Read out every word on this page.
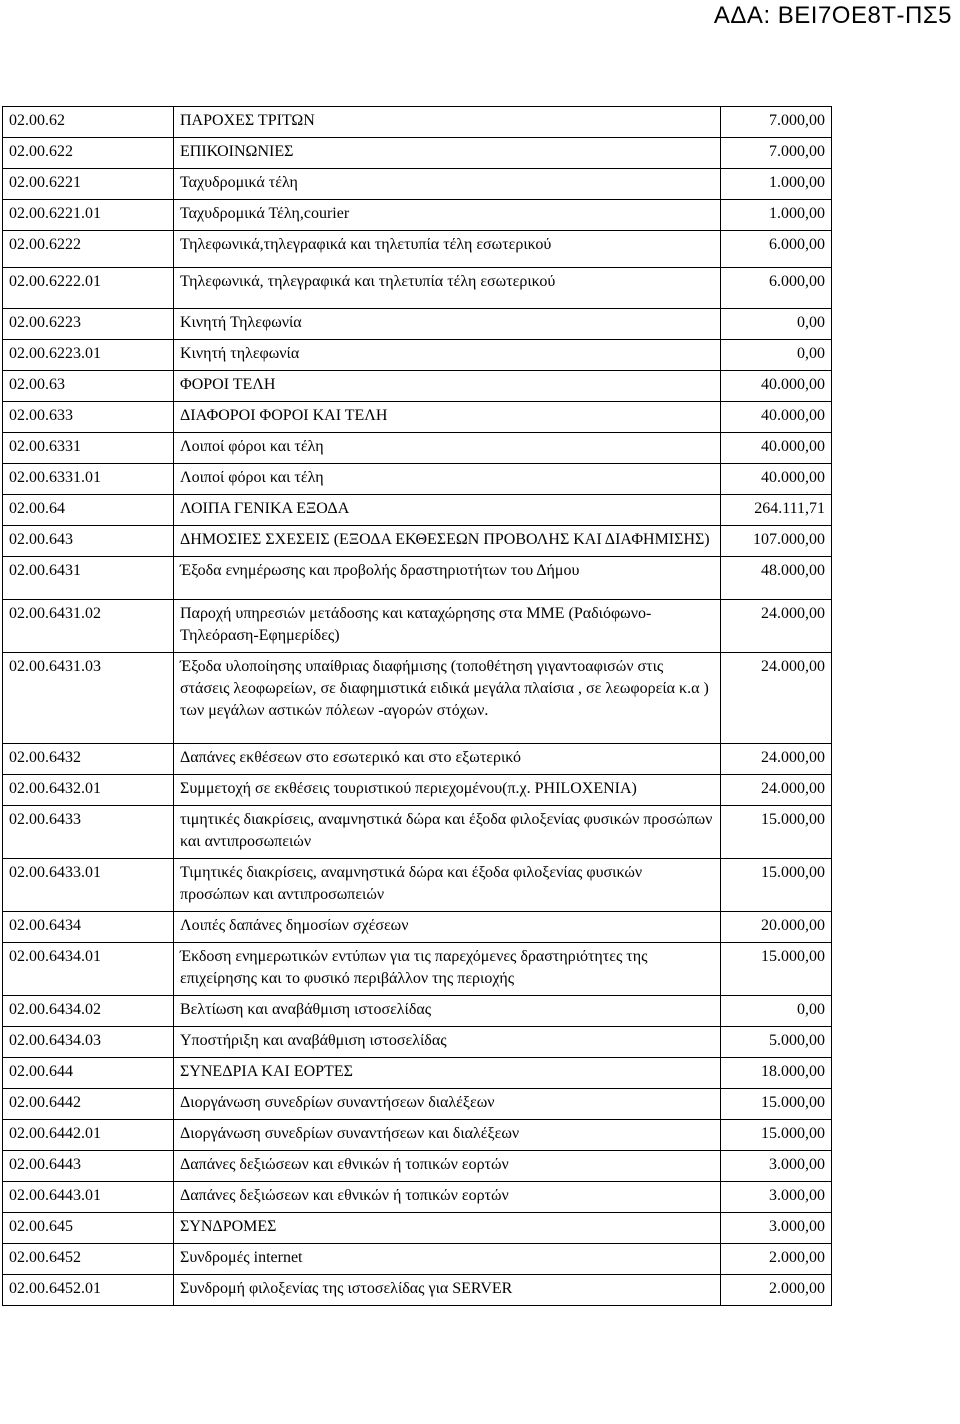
ΑΔΑ: ΒΕΙ7ΟΕ8Τ-ΠΣ5
02.00.62	ΠΑΡΟΧΕΣ ΤΡΙΤΩΝ	7.000,00
02.00.622	ΕΠΙΚΟΙΝΩΝΙΕΣ	7.000,00
02.00.6221	Ταχυδρομικά τέλη	1.000,00
02.00.6221.01	Ταχυδρομικά Τέλη,courier	1.000,00
02.00.6222	Τηλεφωνικά,τηλεγραφικά και τηλετυπία τέλη εσωτερικού	6.000,00
02.00.6222.01	Τηλεφωνικά, τηλεγραφικά και τηλετυπία τέλη εσωτερικού	6.000,00
02.00.6223	Κινητή Τηλεφωνία	0,00
02.00.6223.01	Κινητή τηλεφωνία	0,00
02.00.63	ΦΟΡΟΙ ΤΕΛΗ	40.000,00
02.00.633	ΔΙΑΦΟΡΟΙ ΦΟΡΟΙ ΚΑΙ ΤΕΛΗ	40.000,00
02.00.6331	Λοιποί φόροι και τέλη	40.000,00
02.00.6331.01	Λοιποί φόροι και τέλη	40.000,00
02.00.64	ΛΟΙΠΑ ΓΕΝΙΚΑ ΕΞΟΔΑ	264.111,71
02.00.643	ΔΗΜΟΣΙΕΣ ΣΧΕΣΕΙΣ (ΕΞΟΔΑ ΕΚΘΕΣΕΩΝ ΠΡΟΒΟΛΗΣ ΚΑΙ ΔΙΑΦΗΜΙΣΗΣ)	107.000,00
02.00.6431	Έξοδα ενημέρωσης και προβολής δραστηριοτήτων του Δήμου	48.000,00
02.00.6431.02	Παροχή υπηρεσιών μετάδοσης και καταχώρησης στα ΜΜΕ (Ραδιόφωνο-Τηλεόραση-Εφημερίδες)	24.000,00
02.00.6431.03	Έξοδα υλοποίησης υπαίθριας διαφήμισης (τοποθέτηση γιγαντοαφισών στις στάσεις λεοφωρείων, σε διαφημιστικά ειδικά μεγάλα πλαίσια , σε λεωφορεία κ.α ) των μεγάλων αστικών πόλεων -αγορών στόχων.	24.000,00
02.00.6432	Δαπάνες εκθέσεων στο εσωτερικό και στο εξωτερικό	24.000,00
02.00.6432.01	Συμμετοχή σε εκθέσεις τουριστικού περιεχομένου(π.χ. PHILOXENIA)	24.000,00
02.00.6433	τιμητικές διακρίσεις, αναμνηστικά δώρα και έξοδα φιλοξενίας φυσικών προσώπων και αντιπροσωπειών	15.000,00
02.00.6433.01	Τιμητικές διακρίσεις, αναμνηστικά δώρα και έξοδα φιλοξενίας φυσικών προσώπων και αντιπροσωπειών	15.000,00
02.00.6434	Λοιπές δαπάνες δημοσίων σχέσεων	20.000,00
02.00.6434.01	Έκδοση ενημερωτικών εντύπων για τις παρεχόμενες δραστηριότητες της επιχείρησης και το φυσικό περιβάλλον της περιοχής	15.000,00
02.00.6434.02	Βελτίωση και αναβάθμιση ιστοσελίδας	0,00
02.00.6434.03	Υποστήριξη και αναβάθμιση ιστοσελίδας	5.000,00
02.00.644	ΣΥΝΕΔΡΙΑ ΚΑΙ ΕΟΡΤΕΣ	18.000,00
02.00.6442	Διοργάνωση συνεδρίων συναντήσεων διαλέξεων	15.000,00
02.00.6442.01	Διοργάνωση συνεδρίων συναντήσεων και διαλέξεων	15.000,00
02.00.6443	Δαπάνες δεξιώσεων και εθνικών ή τοπικών εορτών	3.000,00
02.00.6443.01	Δαπάνες δεξιώσεων και εθνικών ή τοπικών εορτών	3.000,00
02.00.645	ΣΥΝΔΡΟΜΕΣ	3.000,00
02.00.6452	Συνδρομές internet	2.000,00
02.00.6452.01	Συνδρομή φιλοξενίας της ιστοσελίδας για SERVER	2.000,00
